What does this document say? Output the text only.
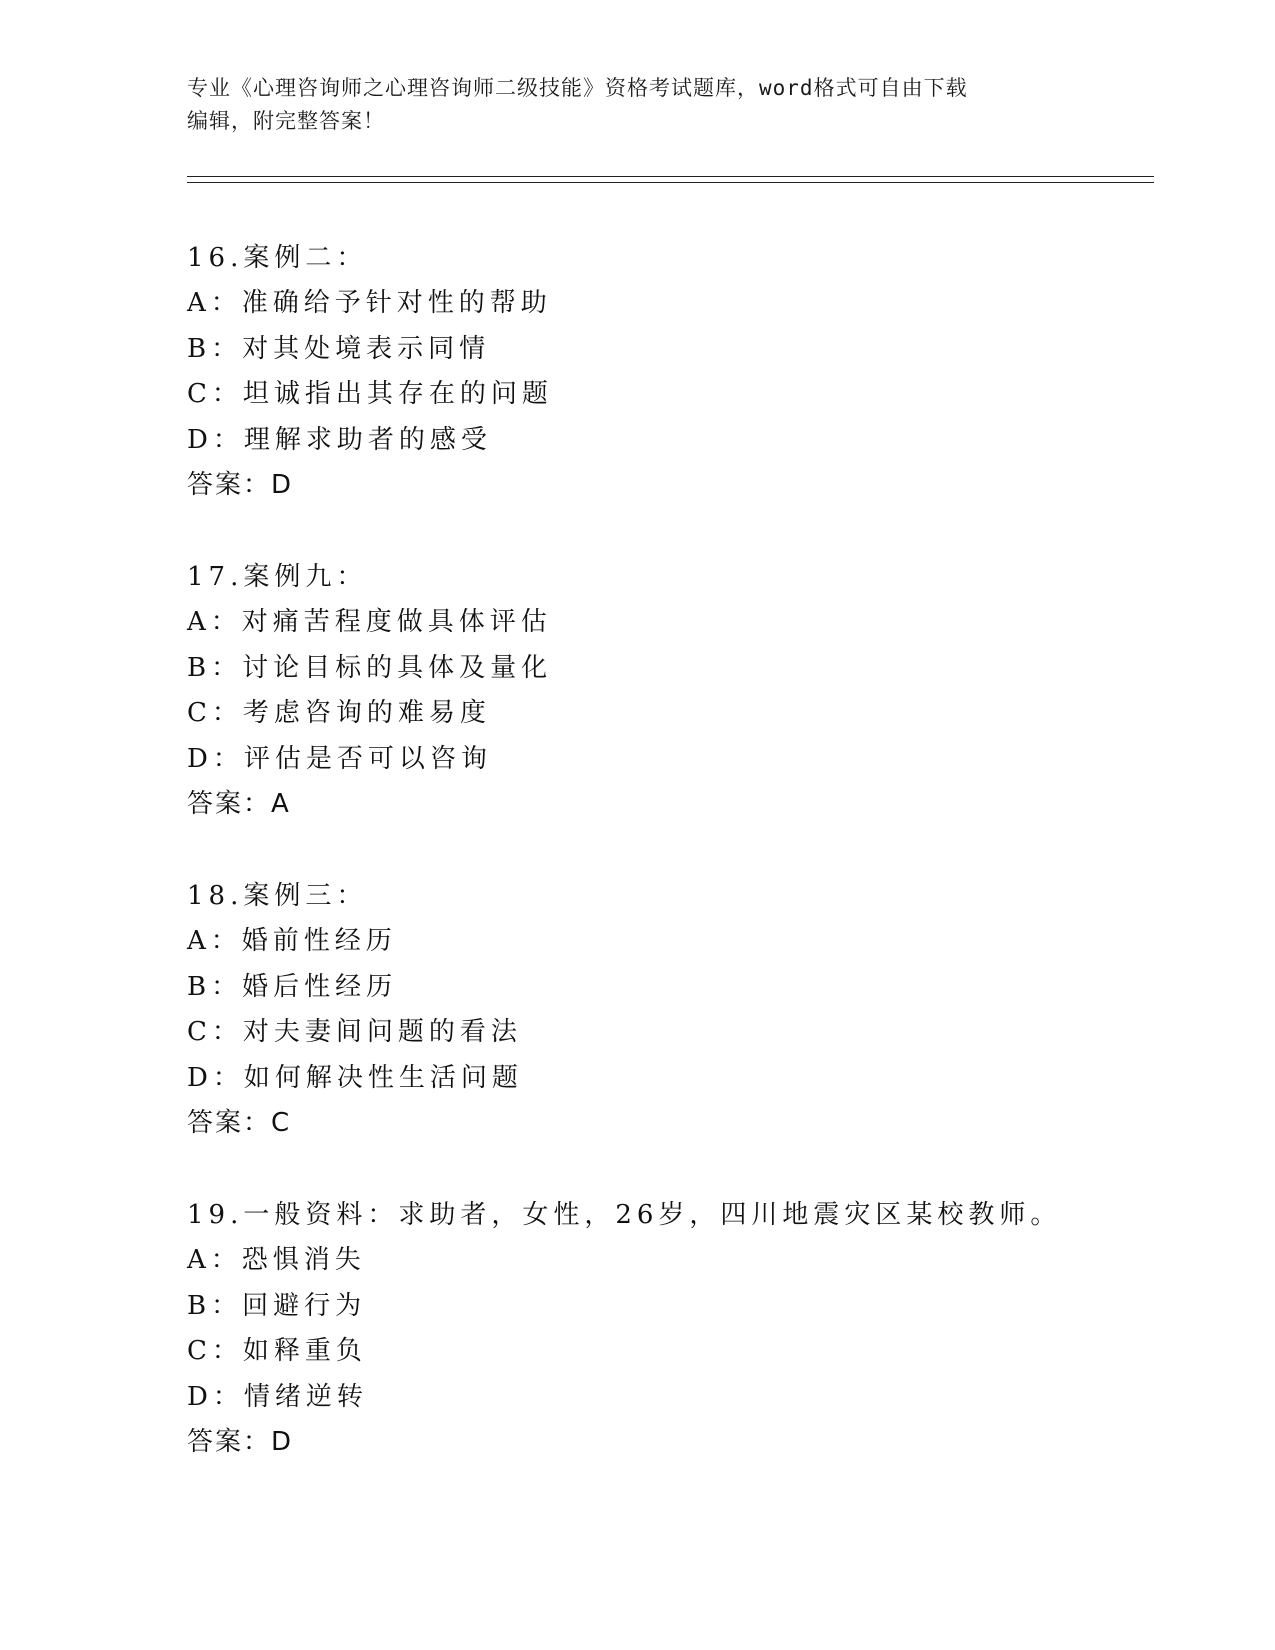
专业《心理咨询师之心理咨询师二级技能》资格考试题库，word格式可自由下载
编辑，附完整答案！
16.案例二：
A：准确给予针对性的帮助
B：对其处境表示同情
C：坦诚指出其存在的问题
D：理解求助者的感受
答案：D
17.案例九：
A：对痛苦程度做具体评估
B：讨论目标的具体及量化
C：考虑咨询的难易度
D：评估是否可以咨询
答案：A
18.案例三：
A：婚前性经历
B：婚后性经历
C：对夫妻间问题的看法
D：如何解决性生活问题
答案：C
19.一般资料：求助者，女性，26岁，四川地震灾区某校教师。
A：恐惧消失
B：回避行为
C：如释重负
D：情绪逆转
答案：D
